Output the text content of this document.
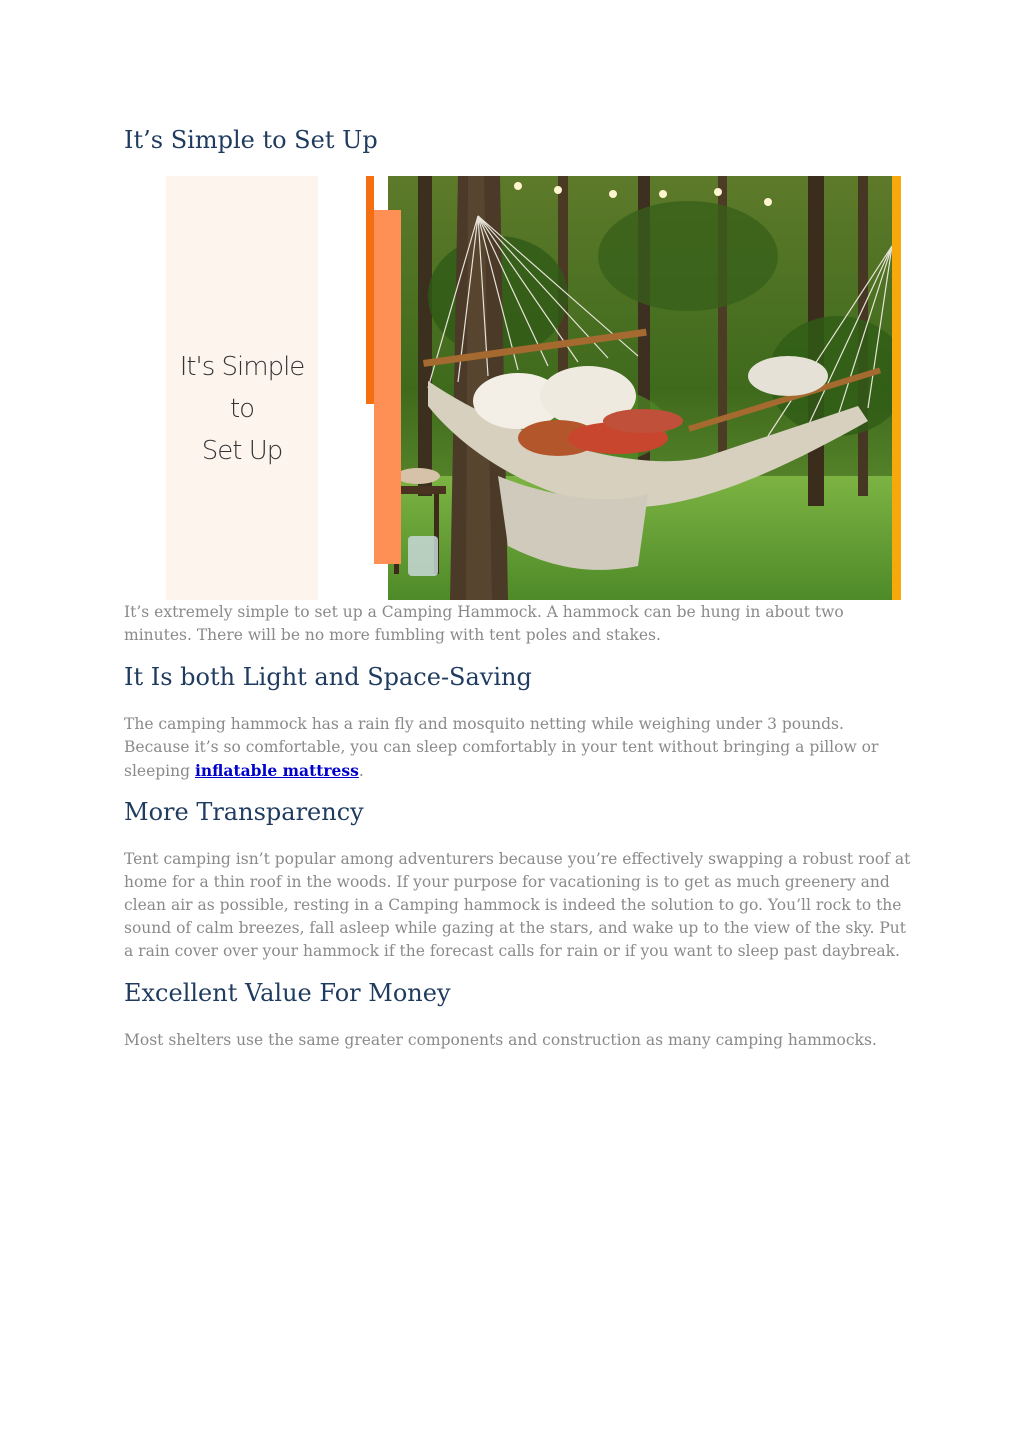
It’s Simple to Set Up
It's Simple to
Set Up

It’s extremely simple to set up a Camping Hammock. A hammock can be hung in about two minutes. There will be no more fumbling with tent poles and stakes.

It Is both Light and Space-Saving

The camping hammock has a rain fly and mosquito netting while weighing under 3 pounds. Because it’s so comfortable, you can sleep comfortably in your tent without bringing a pillow or sleeping inflatable mattress.

More Transparency

Tent camping isn’t popular among adventurers because you’re effectively swapping a robust roof at home for a thin roof in the woods. If your purpose for vacationing is to get as much greenery and clean air as possible, resting in a Camping hammock is indeed the solution to go. You’ll rock to the sound of calm breezes, fall asleep while gazing at the stars, and wake up to the view of the sky. Put a rain cover over your hammock if the forecast calls for rain or if you want to sleep past daybreak.

Excellent Value For Money

Most shelters use the same greater components and construction as many camping hammocks.
